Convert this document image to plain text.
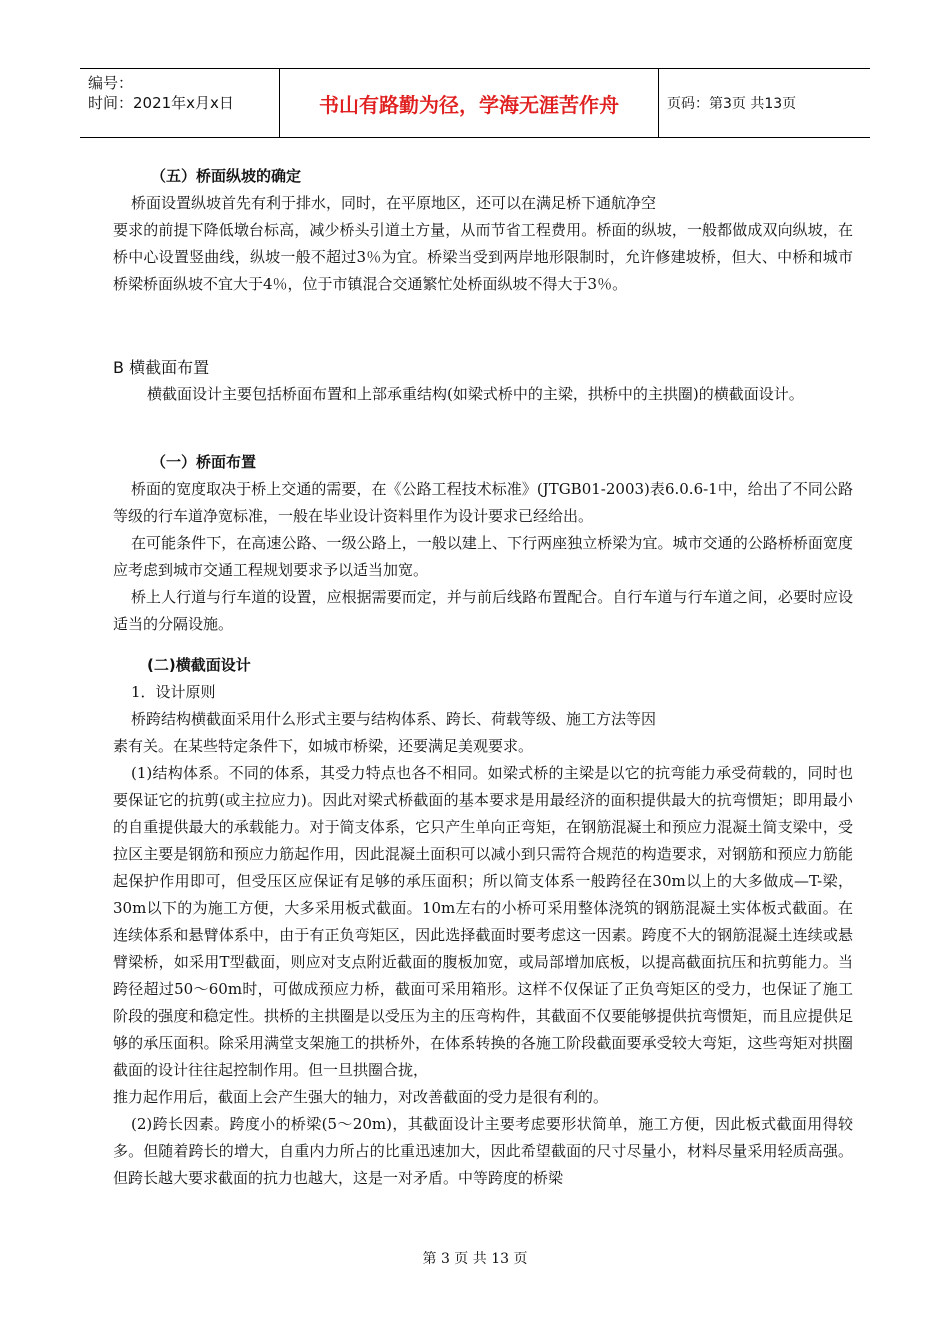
编号：
时间：2021年x月x日	书山有路勤为径，学海无涯苦作舟	页码：第3页 共13页

（五）桥面纵坡的确定

桥面设置纵坡首先有利于排水，同时，在平原地区，还可以在满足桥下通航净空

要求的前提下降低墩台标高，减少桥头引道土方量，从而节省工程费用。桥面的纵坡，一般都做成双向纵坡，在桥中心设置竖曲线，纵坡一般不超过3％为宜。桥梁当受到两岸地形限制时，允许修建坡桥，但大、中桥和城市桥梁桥面纵坡不宜大于4％，位于市镇混合交通繁忙处桥面纵坡不得大于3％。

B 横截面布置

横截面设计主要包括桥面布置和上部承重结构(如梁式桥中的主梁，拱桥中的主拱圈)的横截面设计。

（一）桥面布置

桥面的宽度取决于桥上交通的需要，在《公路工程技术标准》(JTGB01-2003)表6.0.6-1中，给出了不同公路等级的行车道净宽标准，一般在毕业设计资料里作为设计要求已经给出。

在可能条件下，在高速公路、一级公路上，一般以建上、下行两座独立桥梁为宜。城市交通的公路桥桥面宽度应考虑到城市交通工程规划要求予以适当加宽。

桥上人行道与行车道的设置，应根据需要而定，并与前后线路布置配合。自行车道与行车道之间，必要时应设适当的分隔设施。

(二)横截面设计

1．设计原则

桥跨结构横截面采用什么形式主要与结构体系、跨长、荷载等级、施工方法等因

素有关。在某些特定条件下，如城市桥梁，还要满足美观要求。

(1)结构体系。不同的体系，其受力特点也各不相同。如梁式桥的主梁是以它的抗弯能力承受荷载的，同时也要保证它的抗剪(或主拉应力)。因此对梁式桥截面的基本要求是用最经济的面积提供最大的抗弯惯矩；即用最小的自重提供最大的承载能力。对于简支体系，它只产生单向正弯矩，在钢筋混凝土和预应力混凝土简支梁中，受拉区主要是钢筋和预应力筋起作用，因此混凝土面积可以减小到只需符合规范的构造要求，对钢筋和预应力筋能起保护作用即可，但受压区应保证有足够的承压面积；所以简支体系一般跨径在30m以上的大多做成—T-梁，30m以下的为施工方便，大多采用板式截面。10m左右的小桥可采用整体浇筑的钢筋混凝土实体板式截面。在连续体系和悬臂体系中，由于有正负弯矩区，因此选择截面时要考虑这一因素。跨度不大的钢筋混凝土连续或悬臂梁桥，如采用T型截面，则应对支点附近截面的腹板加宽，或局部增加底板，以提高截面抗压和抗剪能力。当跨径超过50～60m时，可做成预应力桥，截面可采用箱形。这样不仅保证了正负弯矩区的受力，也保证了施工阶段的强度和稳定性。拱桥的主拱圈是以受压为主的压弯构件，其截面不仅要能够提供抗弯惯矩，而且应提供足够的承压面积。除采用满堂支架施工的拱桥外，在体系转换的各施工阶段截面要承受较大弯矩，这些弯矩对拱圈截面的设计往往起控制作用。但一旦拱圈合拢，

推力起作用后，截面上会产生强大的轴力，对改善截面的受力是很有利的。

(2)跨长因素。跨度小的桥梁(5～20m)，其截面设计主要考虑要形状简单，施工方便，因此板式截面用得较多。但随着跨长的增大，自重内力所占的比重迅速加大，因此希望截面的尺寸尽量小，材料尽量采用轻质高强。但跨长越大要求截面的抗力也越大，这是一对矛盾。中等跨度的桥梁

第 3 页 共 13 页
